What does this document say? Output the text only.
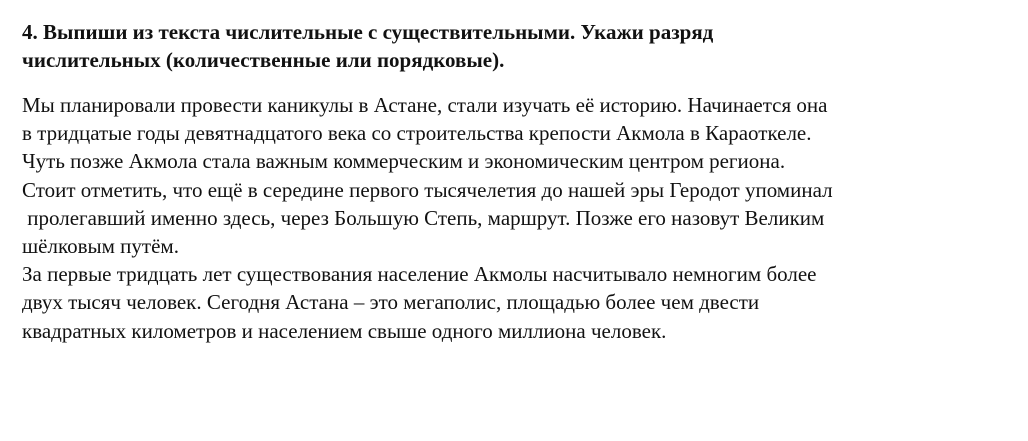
4. Выпиши из текста числительные с существительными. Укажи разряд
числительных (количественные или порядковые).
Мы планировали провести каникулы в Астане, стали изучать её историю. Начинается она
в тридцатые годы девятнадцатого века со строительства крепости Акмола в Караоткеле.
Чуть позже Акмола стала важным коммерческим и экономическим центром региона.
Стоит отметить, что ещё в середине первого тысячелетия до нашей эры Геродот упоминал
пролегавший именно здесь, через Большую Степь, маршрут. Позже его назовут Великим
шёлковым путём.
За первые тридцать лет существования население Акмолы насчитывало немногим более
двух тысяч человек. Сегодня Астана – это мегаполис, площадью более чем двести
квадратных километров и населением свыше одного миллиона человек.
